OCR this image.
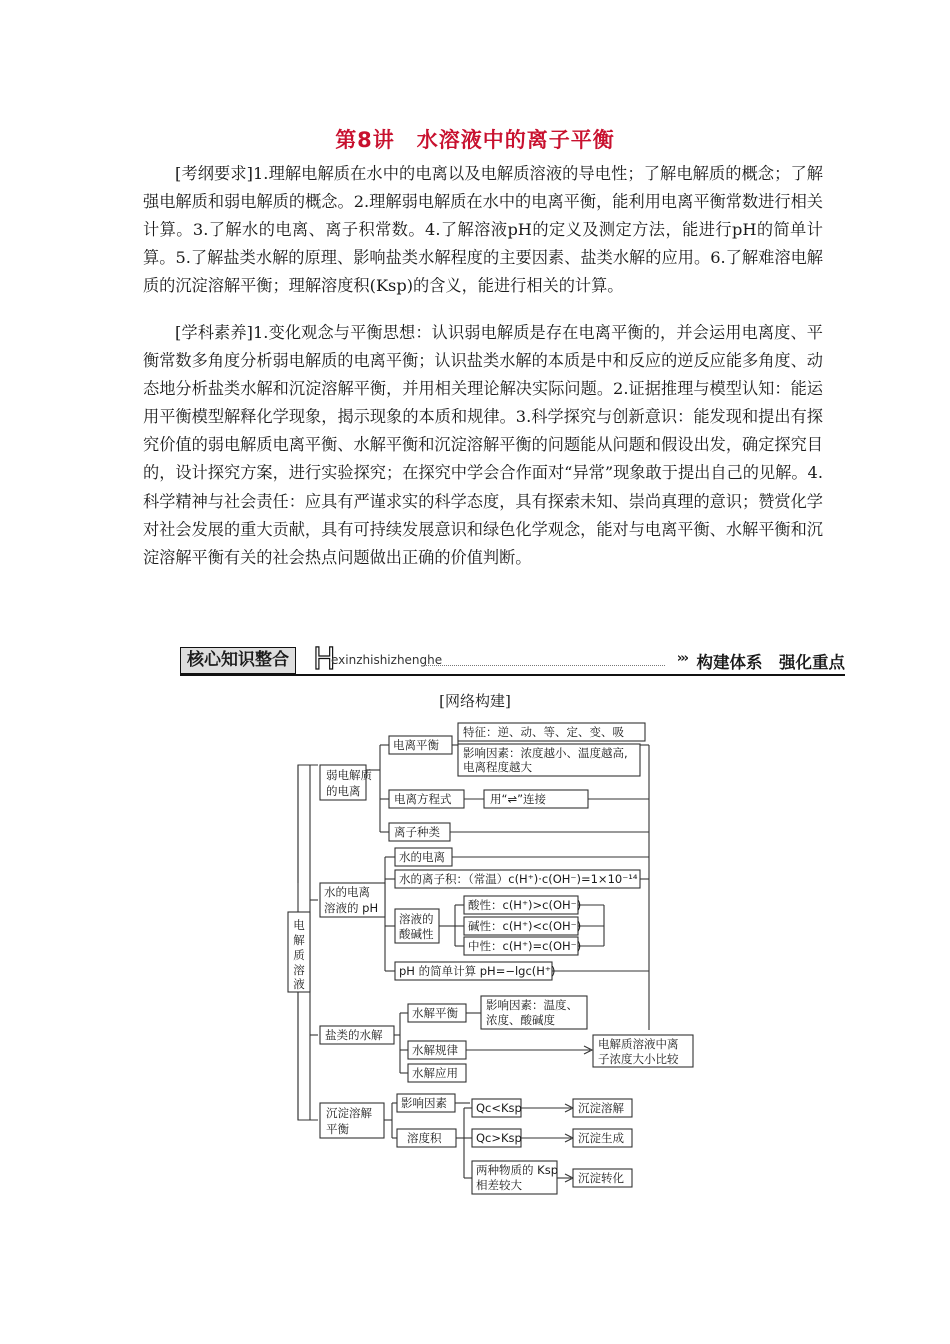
第8讲　水溶液中的离子平衡

[考纲要求]1.理解电解质在水中的电离以及电解质溶液的导电性；了解电解质的概念；了解强电解质和弱电解质的概念。2.理解弱电解质在水中的电离平衡，能利用电离平衡常数进行相关计算。3.了解水的电离、离子积常数。4.了解溶液pH的定义及测定方法，能进行pH的简单计算。5.了解盐类水解的原理、影响盐类水解程度的主要因素、盐类水解的应用。6.了解难溶电解质的沉淀溶解平衡；理解溶度积(Ksp)的含义，能进行相关的计算。

[学科素养]1.变化观念与平衡思想：认识弱电解质是存在电离平衡的，并会运用电离度、平衡常数多角度分析弱电解质的电离平衡；认识盐类水解的本质是中和反应的逆反应能多角度、动态地分析盐类水解和沉淀溶解平衡，并用相关理论解决实际问题。2.证据推理与模型认知：能运用平衡模型解释化学现象，揭示现象的本质和规律。3.科学探究与创新意识：能发现和提出有探究价值的弱电解质电离平衡、水解平衡和沉淀溶解平衡的问题能从问题和假设出发，确定探究目的，设计探究方案，进行实验探究；在探究中学会合作面对“异常”现象敢于提出自己的见解。4.科学精神与社会责任：应具有严谨求实的科学态度，具有探索未知、崇尚真理的意识；赞赏化学对社会发展的重大贡献，具有可持续发展意识和绿色化学观念，能对与电离平衡、水解平衡和沉淀溶解平衡有关的社会热点问题做出正确的价值判断。

核心知识整合 H
exinzhishizhenghe	››› 构建体系　强化重点
[网络构建]
电
解
质
溶
液
弱电解质
的电离
电离平衡
特征：逆、动、等、定、变、吸
影响因素：浓度越小、温度越高,
电离程度越大
电离方程式	用“⇌”连接
离子种类
水的电离
溶液的 pH
水的电离
水的离子积：（常温）c(H⁺)·c(OH⁻)=1×10⁻¹⁴
溶液的
酸碱性
酸性：c(H⁺)>c(OH⁻)
碱性：c(H⁺)<c(OH⁻)
中性：c(H⁺)=c(OH⁻)
pH 的简单计算 pH=−lgc(H⁺)
盐类的水解
水解平衡
影响因素：温度、
浓度、酸碱度
水解规律
水解应用
电解质溶液中离
子浓度大小比较
沉淀溶解
平衡
影响因素
溶度积
Qc<Ksp
Qc>Ksp
两种物质的 Ksp
相差较大
沉淀溶解
沉淀生成
沉淀转化
